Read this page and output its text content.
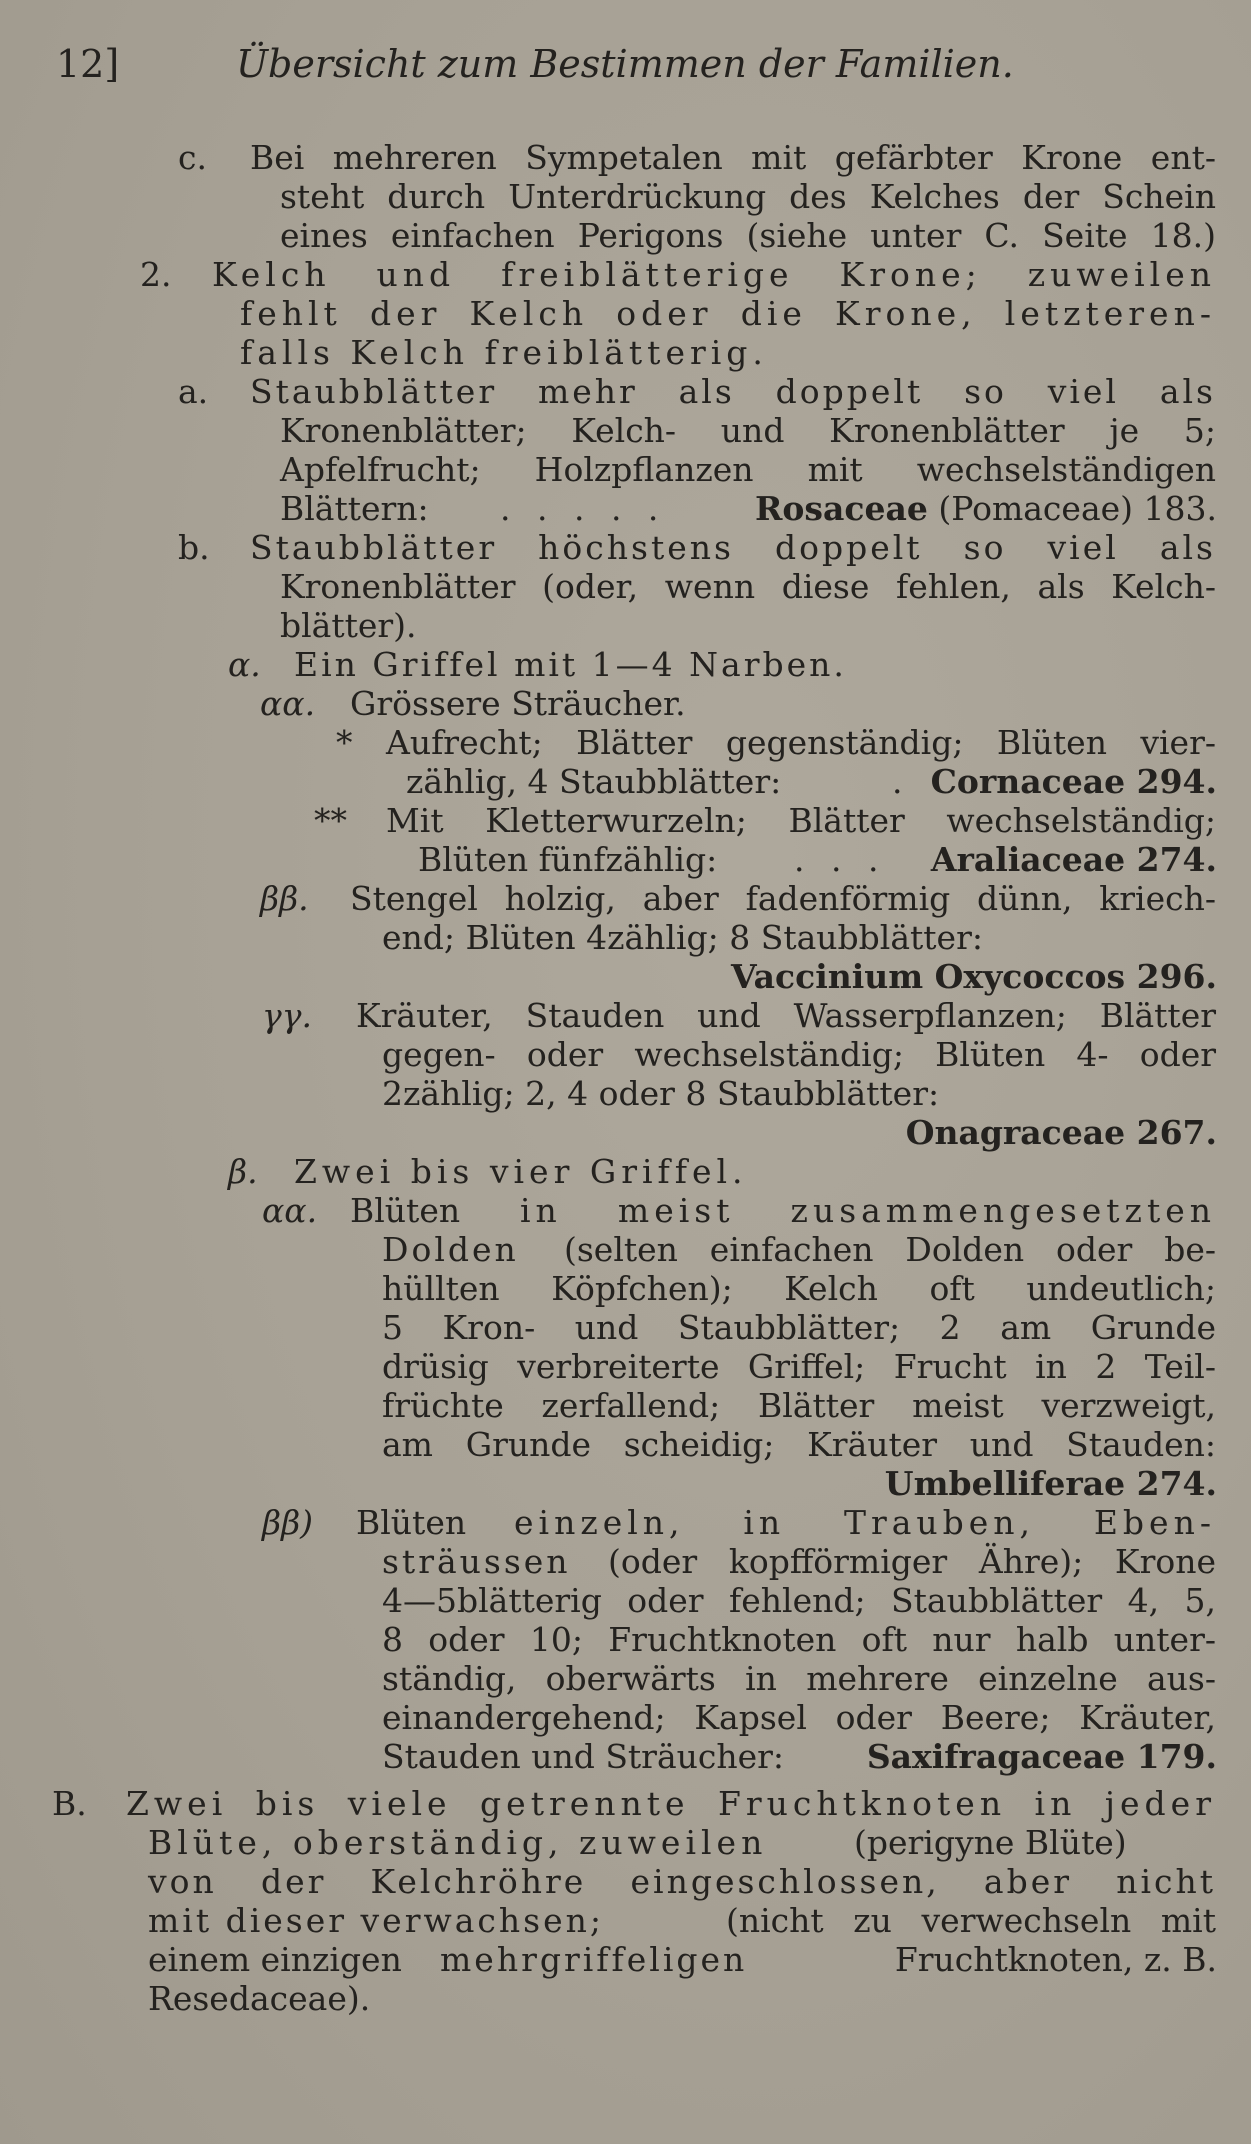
12]	Übersicht zum Bestimmen der Familien.
c. Bei mehreren Sympetalen mit gefärbter Krone ent-
steht durch Unterdrückung des Kelches der Schein
eines einfachen Perigons (siehe unter C. Seite 18.)
2. Kelch und freiblätterige Krone; zuweilen
fehlt der Kelch oder die Krone, letzteren-
falls Kelch freiblätterig.
a. Staubblätter mehr als doppelt so viel als
Kronenblätter; Kelch- und Kronenblätter je 5;
Apfelfrucht; Holzpflanzen mit wechselständigen
Blättern: . . . . .	Rosaceae (Pomaceae) 183.
b. Staubblätter höchstens doppelt so viel als
Kronenblätter (oder, wenn diese fehlen, als Kelch-
blätter).
α. Ein Griffel mit 1—4 Narben.
αα. Grössere Sträucher.
* Aufrecht; Blätter gegenständig; Blüten vier-
zählig, 4 Staubblätter:	. Cornaceae 294.
** Mit Kletterwurzeln; Blätter wechselständig;
Blüten fünfzählig: . . . Araliaceae 274.
ββ. Stengel holzig, aber fadenförmig dünn, kriech-
end; Blüten 4zählig; 8 Staubblätter:
Vaccinium Oxycoccos 296.
γγ. Kräuter, Stauden und Wasserpflanzen; Blätter
gegen- oder wechselständig; Blüten 4- oder
2zählig; 2, 4 oder 8 Staubblätter:
Onagraceae 267.
β. Zwei bis vier Griffel.
αα. Blüten in meist zusammengesetzten
Dolden (selten einfachen Dolden oder be-
hüllten Köpfchen); Kelch oft undeutlich;
5 Kron- und Staubblätter; 2 am Grunde
drüsig verbreiterte Griffel; Frucht in 2 Teil-
früchte zerfallend; Blätter meist verzweigt,
am Grunde scheidig; Kräuter und Stauden:
Umbelliferae 274.
ββ) Blüten einzeln, in Trauben, Eben-
sträussen (oder kopfförmiger Ähre); Krone
4—5blätterig oder fehlend; Staubblätter 4, 5,
8 oder 10; Fruchtknoten oft nur halb unter-
ständig, oberwärts in mehrere einzelne aus-
einandergehend; Kapsel oder Beere; Kräuter,
Stauden und Sträucher:	Saxifragaceae 179.
B. Zwei bis viele getrennte Fruchtknoten in jeder
Blüte, oberständig, zuweilen	(perigyne Blüte)
von der Kelchröhre eingeschlossen, aber nicht
mit dieser verwachsen;	(nicht zu verwechseln mit
einem einzigen mehrgriffeligen	Fruchtknoten, z. B.
Resedaceae).
